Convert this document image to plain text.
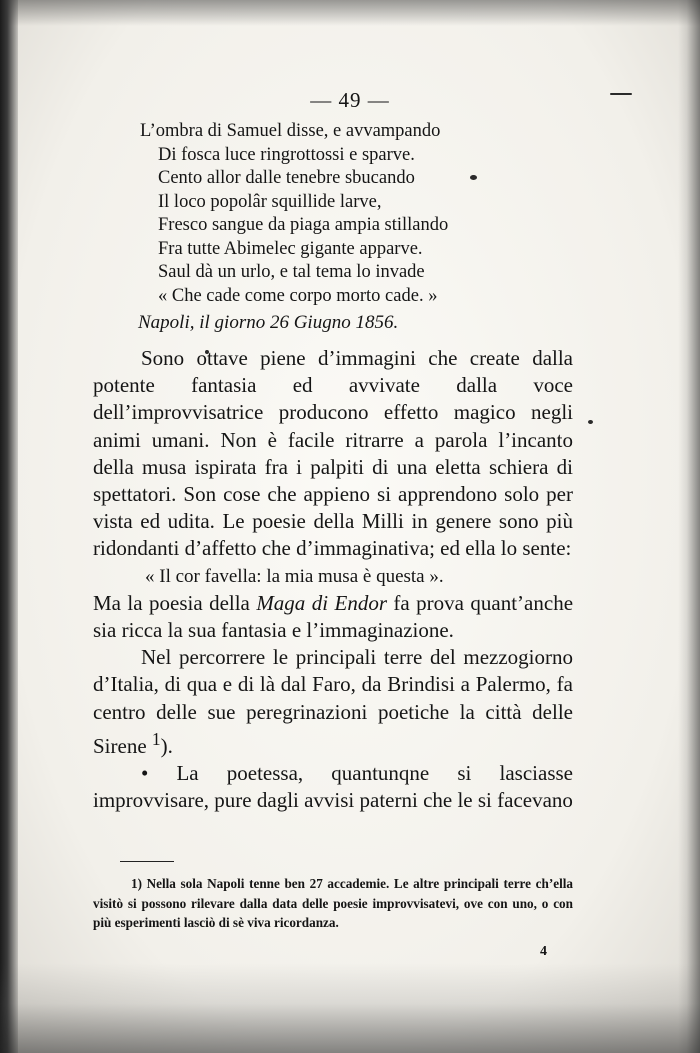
— 49 —
L’ombra di Samuel disse, e avvampando
Di fosca luce ringrottossi e sparve.
Cento allor dalle tenebre sbucando
Il loco popolâr squillide larve,
Fresco sangue da piaga ampia stillando
Fra tutte Abimelec gigante apparve.
Saul dà un urlo, e tal tema lo invade
« Che cade come corpo morto cade. »
Napoli, il giorno 26 Giugno 1856.

Sono ottave piene d’immagini che create dalla potente fantasia ed avvivate dalla voce dell’improvvisatrice producono effetto magico negli animi umani. Non è facile ritrarre a parola l’incanto della musa ispirata fra i palpiti di una eletta schiera di spettatori. Son cose che appieno si apprendono solo per vista ed udita. Le poesie della Milli in genere sono più ridondanti d’affetto che d’immaginativa; ed ella lo sente:

« Il cor favella: la mia musa è questa ».

Ma la poesia della Maga di Endor fa prova quant’anche sia ricca la sua fantasia e l’immaginazione.

Nel percorrere le principali terre del mezzogiorno d’Italia, di qua e di là dal Faro, da Brindisi a Palermo, fa centro delle sue peregrinazioni poetiche la città delle Sirene $^1$).

• La poetessa, quantunqne si lasciasse improvvisare, pure dagli avvisi paterni che le si facevano

1) Nella sola Napoli tenne ben 27 accademie. Le altre principali terre ch’ella visitò si possono rilevare dalla data delle poesie improvvisatevi, ove con uno, o con più esperimenti lasciò di sè viva ricordanza.

4
